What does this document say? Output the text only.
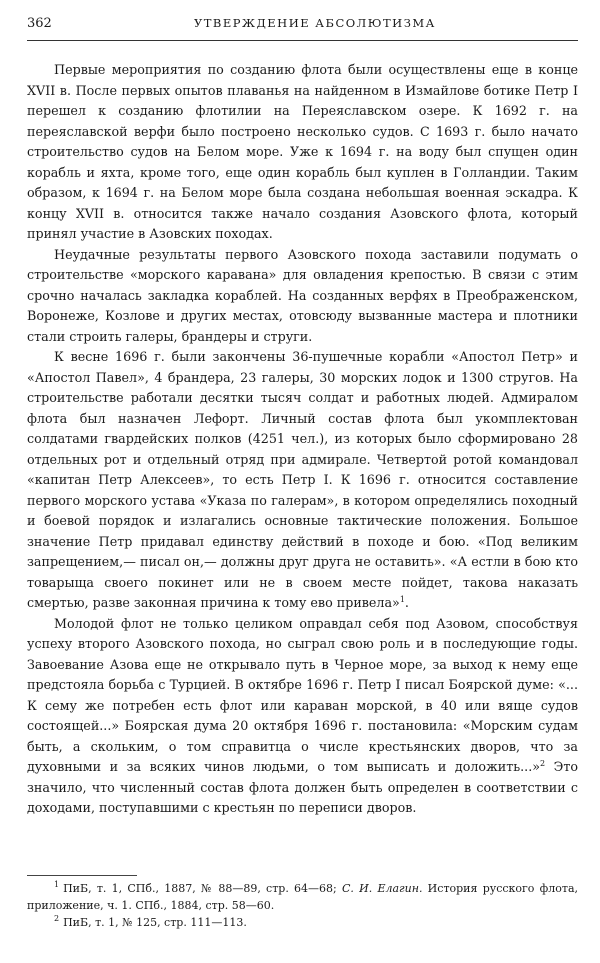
362	УТВЕРЖДЕНИЕ АБСОЛЮТИЗМА

Первые мероприятия по созданию флота были осуществлены еще в конце XVII в. После первых опытов плаванья на найденном в Измайлове ботике Петр I перешел к созданию флотилии на Переяславском озере. К 1692 г. на переяславской верфи было построено несколько судов. С 1693 г. было начато строительство судов на Белом море. Уже к 1694 г. на воду был спущен один корабль и яхта, кроме того, еще один корабль был куплен в Голландии. Таким образом, к 1694 г. на Белом море была создана небольшая военная эскадра. К концу XVII в. относится также начало создания Азовского флота, который принял участие в Азовских походах.

Неудачные результаты первого Азовского похода заставили подумать о строительстве «морского каравана» для овладения крепостью. В связи с этим срочно началась закладка кораблей. На созданных верфях в Преображенском, Воронеже, Козлове и других местах, отовсюду вызванные мастера и плотники стали строить галеры, брандеры и струги.

К весне 1696 г. были закончены 36-пушечные корабли «Апостол Петр» и «Апостол Павел», 4 брандера, 23 галеры, 30 морских лодок и 1300 стругов. На строительстве работали десятки тысяч солдат и работных людей. Адмиралом флота был назначен Лефорт. Личный состав флота был укомплектован солдатами гвардейских полков (4251 чел.), из которых было сформировано 28 отдельных рот и отдельный отряд при адмирале. Четвертой ротой командовал «капитан Петр Алексеев», то есть Петр I. К 1696 г. относится составление первого морского устава «Указа по галерам», в котором определялись походный и боевой порядок и излагались основные тактические положения. Большое значение Петр придавал единству действий в походе и бою. «Под великим запрещением,— писал он,— должны друг друга не оставить». «А естли в бою кто товарыща своего покинет или не в своем месте пойдет, такова наказать смертью, разве законная причина к тому ево привела»$^1$.

Молодой флот не только целиком оправдал себя под Азовом, способствуя успеху второго Азовского похода, но сыграл свою роль и в последующие годы. Завоевание Азова еще не открывало путь в Черное море, за выход к нему еще предстояла борьба с Турцией. В октябре 1696 г. Петр I писал Боярской думе: «... К сему же потребен есть флот или караван морской, в 40 или вяще судов состоящей...» Боярская дума 20 октября 1696 г. постановила: «Морским судам быть, а скольким, о том справитца о числе крестьянских дворов, что за духовными и за всяких чинов людьми, о том выписать и доложить...»$^2$ Это значило, что численный состав флота должен быть определен в соответствии с доходами, поступавшими с крестьян по переписи дворов.

$^1$ ПиБ, т. 1, СПб., 1887, № 88—89, стр. 64—68; С. И. Елагин. История русского флота, приложение, ч. 1. СПб., 1884, стр. 58—60.

$^2$ ПиБ, т. 1, № 125, стр. 111—113.
